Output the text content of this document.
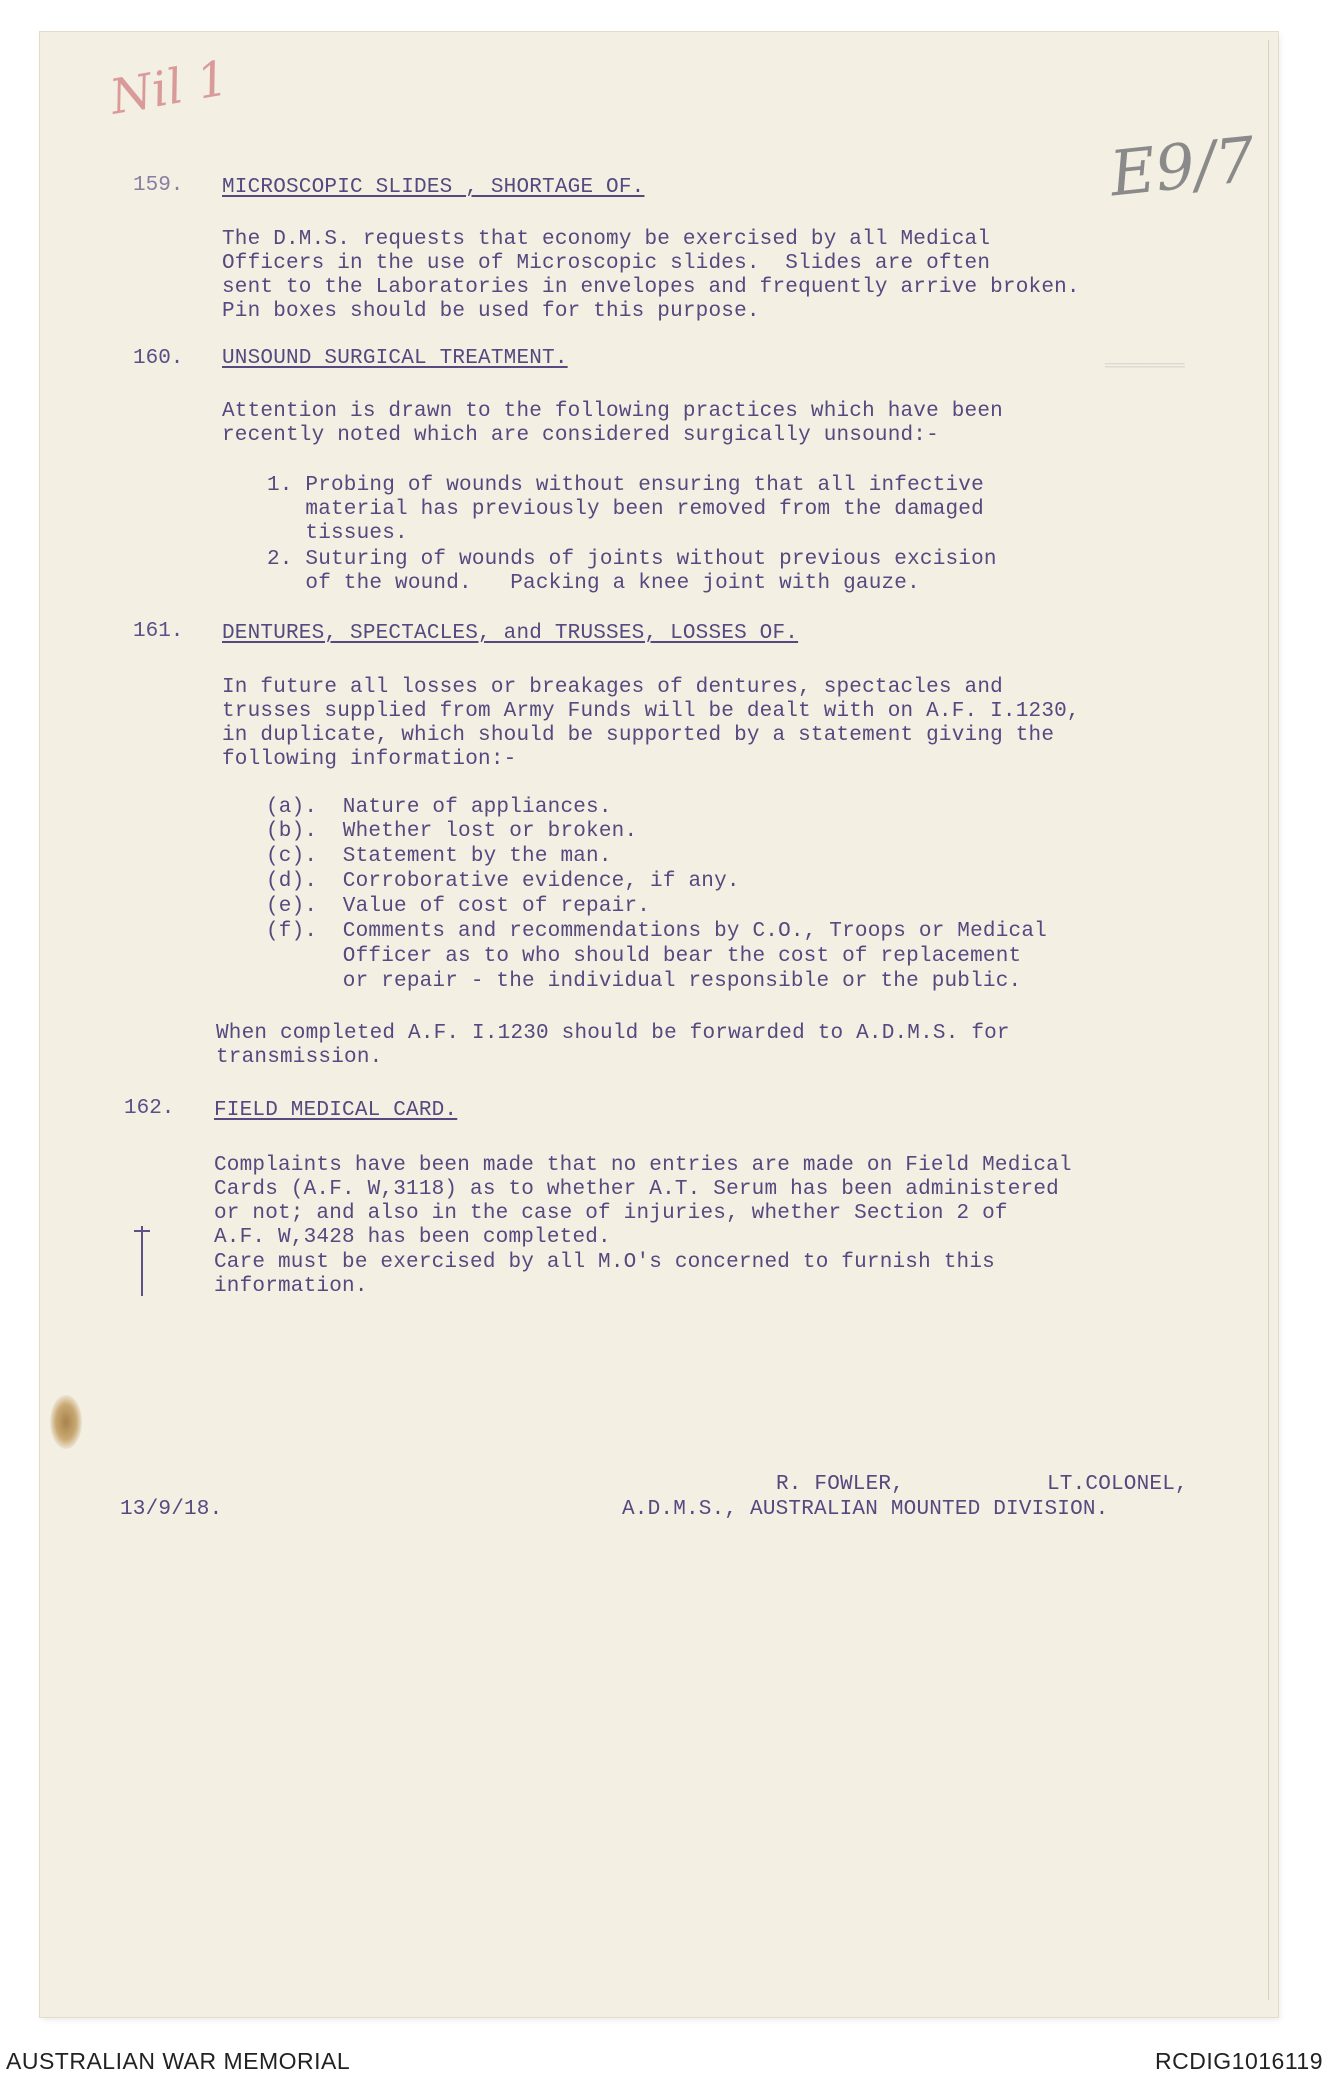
═══════

Nil 1
E9/7
159. MICROSCOPIC SLIDES , SHORTAGE OF.
The D.M.S. requests that economy be exercised by all Medical
Officers in the use of Microscopic slides.  Slides are often
sent to the Laboratories in envelopes and frequently arrive broken.
Pin boxes should be used for this purpose.
160. UNSOUND SURGICAL TREATMENT.
Attention is drawn to the following practices which have been
recently noted which are considered surgically unsound:-
1. Probing of wounds without ensuring that all infective
material has previously been removed from the damaged
tissues.
2. Suturing of wounds of joints without previous excision
of the wound.   Packing a knee joint with gauze.
161. DENTURES, SPECTACLES, and TRUSSES, LOSSES OF.
In future all losses or breakages of dentures, spectacles and
trusses supplied from Army Funds will be dealt with on A.F. I.1230,
in duplicate, which should be supported by a statement giving the
following information:-
(a).  Nature of appliances.
(b).  Whether lost or broken.
(c).  Statement by the man.
(d).  Corroborative evidence, if any.
(e).  Value of cost of repair.
(f).  Comments and recommendations by C.O., Troops or Medical
Officer as to who should bear the cost of replacement
or repair - the individual responsible or the public.
When completed A.F. I.1230 should be forwarded to A.D.M.S. for
transmission.
162. FIELD MEDICAL CARD.
Complaints have been made that no entries are made on Field Medical
Cards (A.F. W,3118) as to whether A.T. Serum has been administered
or not; and also in the case of injuries, whether Section 2 of
A.F. W,3428 has been completed.
Care must be exercised by all M.O's concerned to furnish this
information.
13/9/18.
R. FOWLER,	LT.COLONEL,
A.D.M.S., AUSTRALIAN MOUNTED DIVISION.
AUSTRALIAN WAR MEMORIAL	RCDIG1016119
